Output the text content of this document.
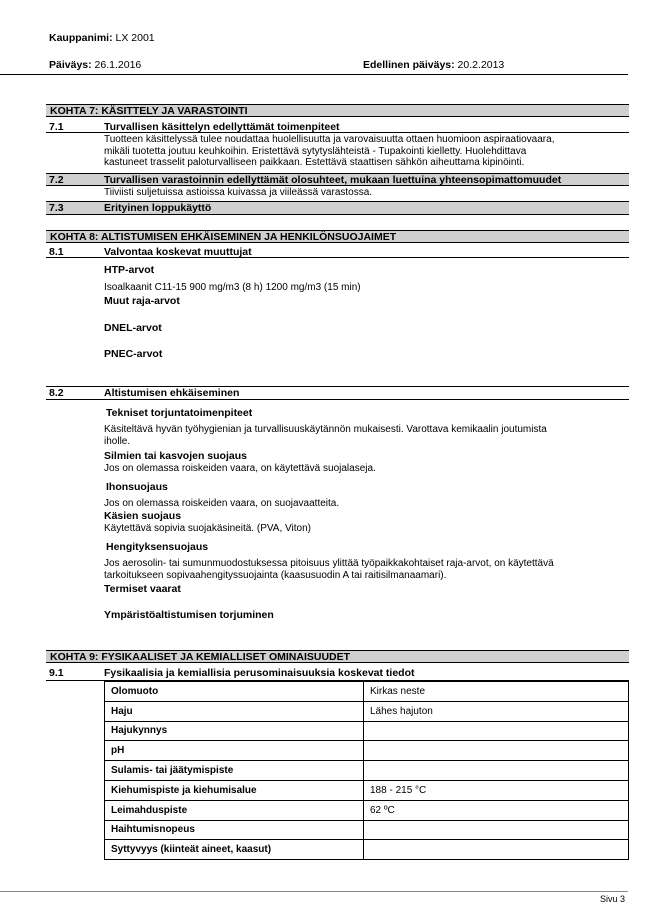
Kauppanimi: LX 2001
Päiväys: 26.1.2016	Edellinen päiväys: 20.2.2013
KOHTA 7: KÄSITTELY JA VARASTOINTI
7.1	Turvallisen käsittelyn edellyttämät toimenpiteet
Tuotteen käsittelyssä tulee noudattaa huolellisuutta ja varovaisuutta ottaen huomioon aspiraatiovaara,
mikäli tuotetta joutuu keuhkoihin. Eristettävä sytytyslähteistä - Tupakointi kielletty. Huolehdittava
kastuneet trasselit paloturvalliseen paikkaan. Estettävä staattisen sähkön aiheuttama kipinöinti.
7.2	Turvallisen varastoinnin edellyttämät olosuhteet, mukaan luettuina yhteensopimattomuudet
Tiiviisti suljetuissa astioissa kuivassa ja viileässä varastossa.
7.3	Erityinen loppukäyttö
KOHTA 8: ALTISTUMISEN EHKÄISEMINEN JA HENKILÖNSUOJAIMET
8.1	Valvontaa koskevat muuttujat
HTP-arvot
Isoalkaanit C11-15 900 mg/m3 (8 h) 1200 mg/m3 (15 min)
Muut raja-arvot
DNEL-arvot
PNEC-arvot
8.2	Altistumisen ehkäiseminen
Tekniset torjuntatoimenpiteet
Käsiteltävä hyvän työhygienian ja turvallisuuskäytännön mukaisesti. Varottava kemikaalin joutumista
iholle.
Silmien tai kasvojen suojaus
Jos on olemassa roiskeiden vaara, on käytettävä suojalaseja.
Ihonsuojaus
Jos on olemassa roiskeiden vaara, on suojavaatteita.
Käsien suojaus
Käytettävä sopivia suojakäsineitä. (PVA, Viton)
Hengityksensuojaus
Jos aerosolin- tai sumunmuodostuksessa pitoisuus ylittää työpaikkakohtaiset raja-arvot, on käytettävä
tarkoitukseen sopivaahengityssuojainta (kaasusuodin A tai raitisilmanaamari).
Termiset vaarat
Ympäristöaltistumisen torjuminen
KOHTA 9: FYSIKAALISET JA KEMIALLISET OMINAISUUDET
9.1	Fysikaalisia ja kemiallisia perusominaisuuksia koskevat tiedot
Olomuoto	Kirkas neste
Haju	Lähes hajuton
Hajukynnys	
pH	
Sulamis- tai jäätymispiste	
Kiehumispiste ja kiehumisalue	188 - 215 °C
Leimahduspiste	62 ºC
Haihtumisnopeus	
Syttyvyys (kiinteät aineet, kaasut)	
Sivu 3
